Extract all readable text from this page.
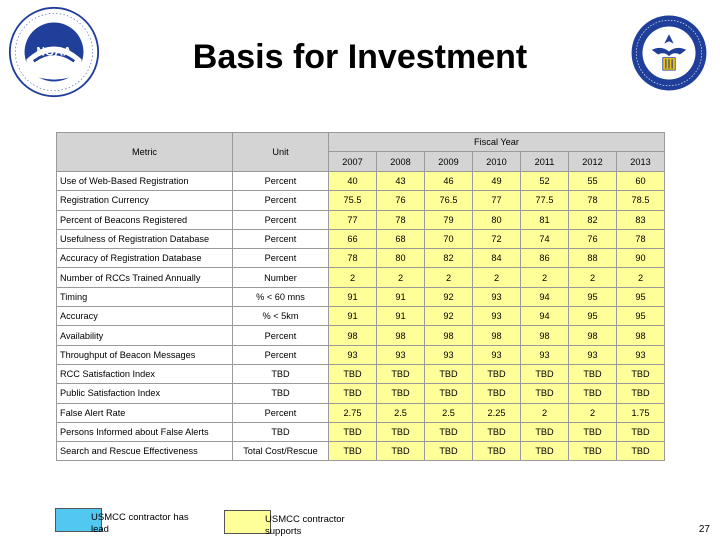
NOAA	Basis for Investment
Metric	Unit	Fiscal Year						
		2007	2008	2009	2010	2011	2012	2013
Use of Web-Based Registration	Percent	40	43	46	49	52	55	60
Registration Currency	Percent	75.5	76	76.5	77	77.5	78	78.5
Percent of Beacons Registered	Percent	77	78	79	80	81	82	83
Usefulness of Registration Database	Percent	66	68	70	72	74	76	78
Accuracy of Registration Database	Percent	78	80	82	84	86	88	90
Number of RCCs Trained Annually	Number	2	2	2	2	2	2	2
Timing	% < 60 mns	91	91	92	93	94	95	95
Accuracy	% < 5km	91	91	92	93	94	95	95
Availability	Percent	98	98	98	98	98	98	98
Throughput of Beacon Messages	Percent	93	93	93	93	93	93	93
RCC Satisfaction Index	TBD	TBD	TBD	TBD	TBD	TBD	TBD	TBD
Public Satisfaction Index	TBD	TBD	TBD	TBD	TBD	TBD	TBD	TBD
False Alert Rate	Percent	2.75	2.5	2.5	2.25	2	2	1.75
Persons Informed about False Alerts	TBD	TBD	TBD	TBD	TBD	TBD	TBD	TBD
Search and Rescue Effectiveness	Total Cost/Rescue	TBD	TBD	TBD	TBD	TBD	TBD	TBD
USMCC contractor has lead
USMCC contractor supports	27
